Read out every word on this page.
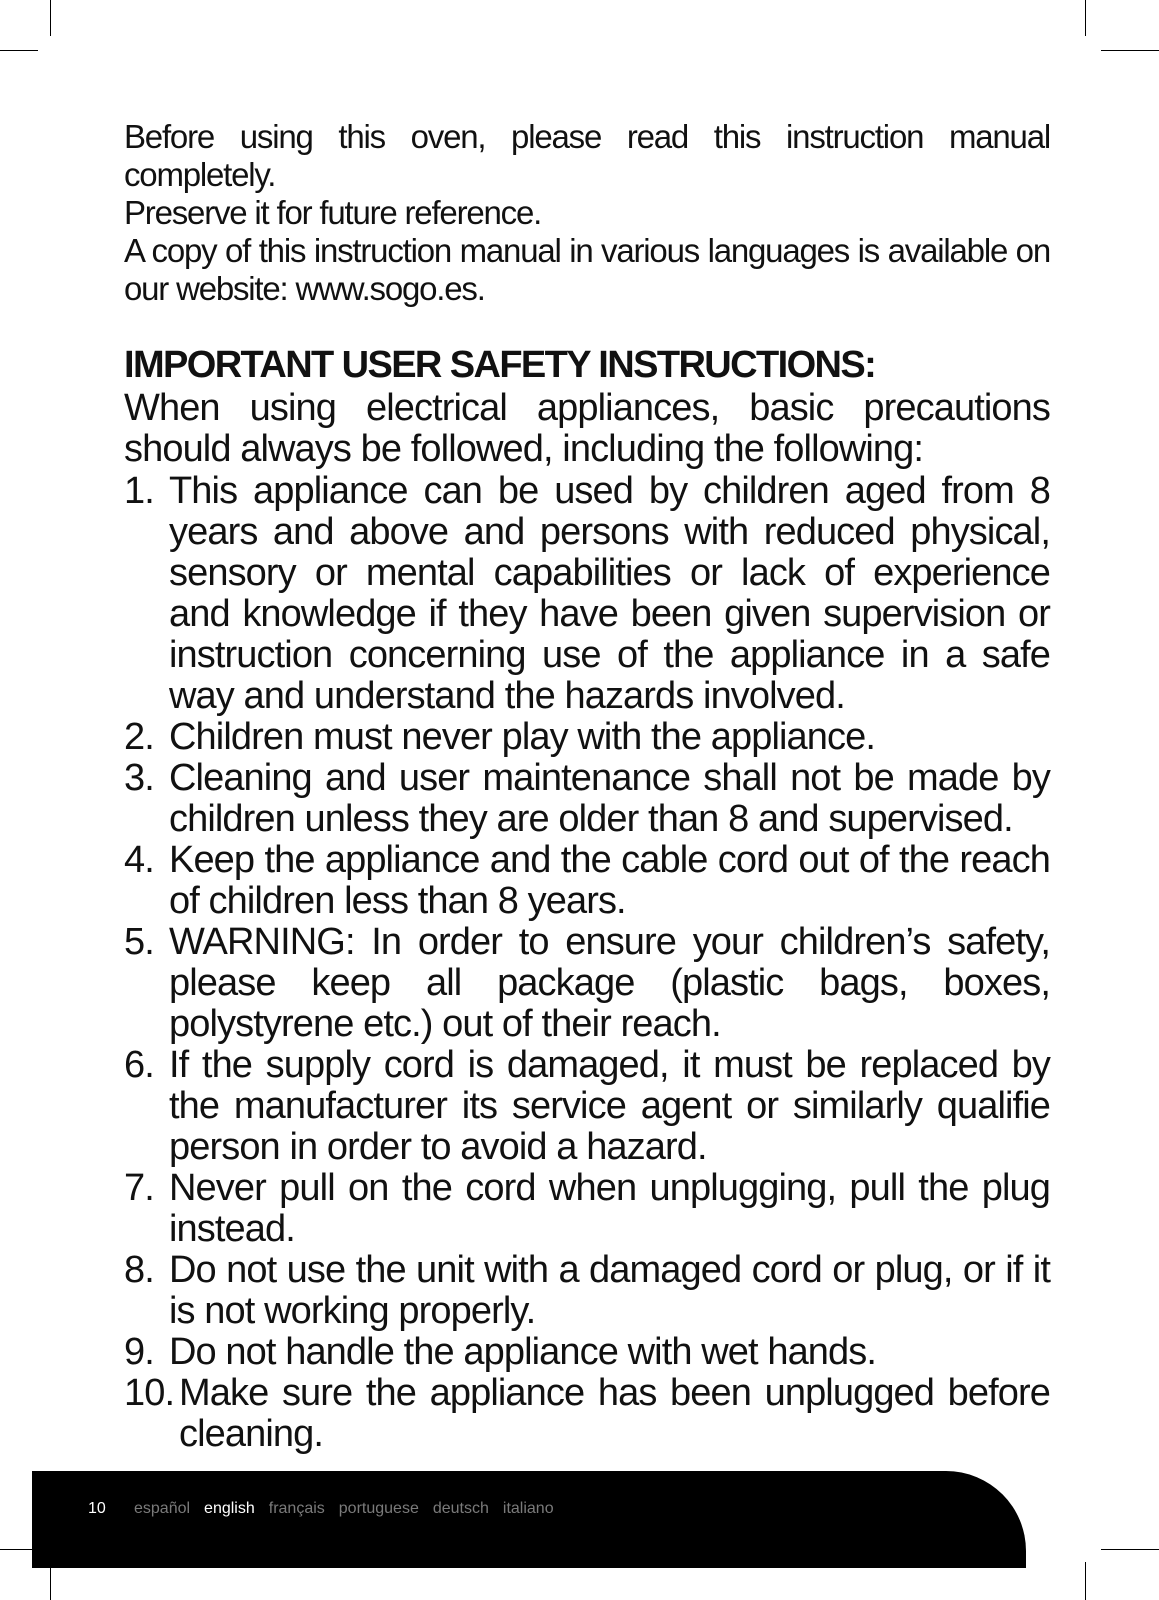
Before using this oven, please read this instruction manual completely.

Preserve it for future reference.

A copy of this instruction manual in various languages is available on our website: www.sogo.es.

IMPORTANT USER SAFETY INSTRUCTIONS:

When using electrical appliances, basic precautions should always be followed, including the following:

1. This appliance can be used by children aged from 8 years and above and persons with reduced physical, sensory or mental capabilities or lack of experience and knowledge if they have been given supervision or instruction concerning use of the appliance in a safe way and understand the hazards involved.
2. Children must never play with the appliance.
3. Cleaning and user maintenance shall not be made by children unless they are older than 8 and supervised.
4. Keep the appliance and the cable cord out of the reach of children less than 8 years.
5. WARNING: In order to ensure your children’s safety, please keep all package (plastic bags, boxes, polystyrene etc.) out of their reach.
6. If the supply cord is damaged, it must be replaced by the manufacturer its service agent or similarly qualifie person in order to avoid a hazard.
7. Never pull on the cord when unplugging, pull the plug instead.
8. Do not use the unit with a damaged cord or plug, or if it is not working properly.
9. Do not handle the appliance with wet hands.
10. Make sure the appliance has been unplugged before cleaning.
10 español english français portuguese deutsch italiano
